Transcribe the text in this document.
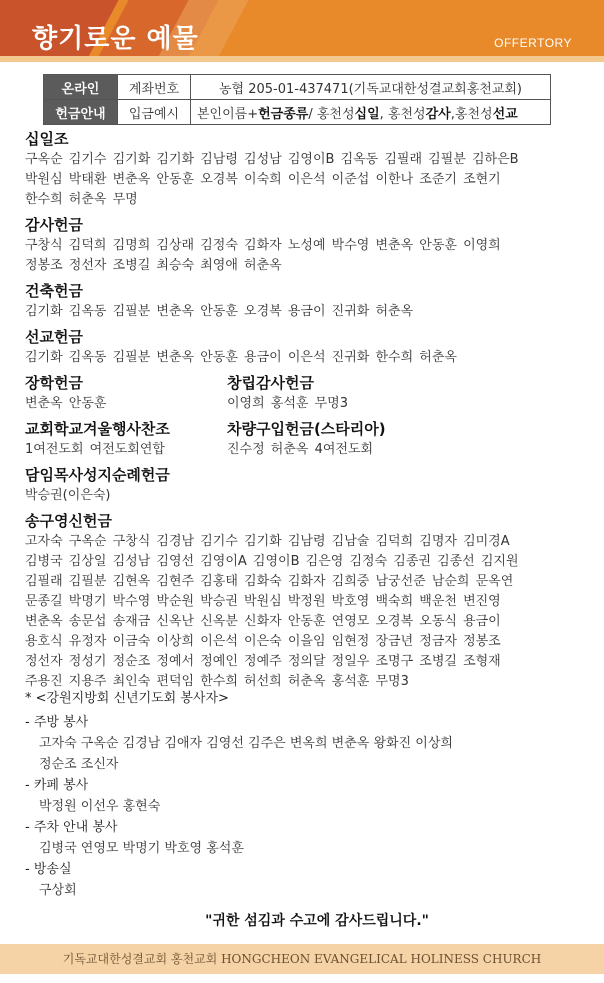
향기로운 예물	OFFERTORY
온라인	계좌번호	농협 205-01-437471(기독교대한성결교회홍천교회)

헌금안내	입금예시	본인이름+헌금종류/ 홍천성십일, 홍천성감사,홍천성선교
십일조
구옥순 김기수 김기화 김기화 김남령 김성남 김영이B 김옥동 김필래 김필분 김하은B
박원심 박태환 변춘옥 안동훈 오경복 이숙희 이은석 이준섭 이한나 조준기 조현기
한수희 허춘옥 무명
감사헌금
구창식 김덕희 김명희 김상래 김정숙 김화자 노성예 박수영 변춘옥 안동훈 이영희
정봉조 정선자 조병길 최승숙 최영애 허춘옥
건축헌금
김기화 김옥동 김필분 변춘옥 안동훈 오경복 용금이 진귀화 허춘옥
선교헌금
김기화 김옥동 김필분 변춘옥 안동훈 용금이 이은석 진귀화 한수희 허춘옥
장학헌금
변춘옥 안동훈
창립감사헌금
이영희 홍석훈 무명3
교회학교겨울행사찬조
1여전도회 여전도회연합
차량구입헌금(스타리아)
진수정 허춘옥 4여전도회
담임목사성지순례헌금
박승권(이은숙)
송구영신헌금
고자숙 구옥순 구창식 김경남 김기수 김기화 김남령 김남술 김덕희 김명자 김미경A
김병국 김상일 김성남 김영선 김영이A 김영이B 김은영 김정숙 김종권 김종선 김지원
김필래 김필분 김현옥 김현주 김홍태 김화숙 김화자 김희중 남궁선준 남순희 문옥연
문종길 박명기 박수영 박순원 박승권 박원심 박정원 박호영 백숙희 백운천 변진영
변춘옥 송문섭 송재금 신옥난 신옥분 신화자 안동훈 연영모 오경복 오동식 용금이
용호식 유정자 이금숙 이상희 이은석 이은숙 이을임 임현정 장금년 정금자 정봉조
정선자 정성기 정순조 정예서 정예인 정예주 정의달 정일우 조명구 조병길 조형재
주용진 지용주 최인숙 편덕임 한수희 허선희 허춘옥 홍석훈 무명3
* <강원지방회 신년기도회 봉사자>
- 주방 봉사
고자숙 구옥순 김경남 김애자 김영선 김주은 변옥희 변춘옥 왕화진 이상희
정순조 조신자
- 카페 봉사
박정원 이선우 홍현숙
- 주차 안내 봉사
김병국 연영모 박명기 박호영 홍석훈
- 방송실
구상회
"귀한 섬김과 수고에 감사드립니다."
기독교대한성결교회 홍천교회 HONGCHEON EVANGELICAL HOLINESS CHURCH
